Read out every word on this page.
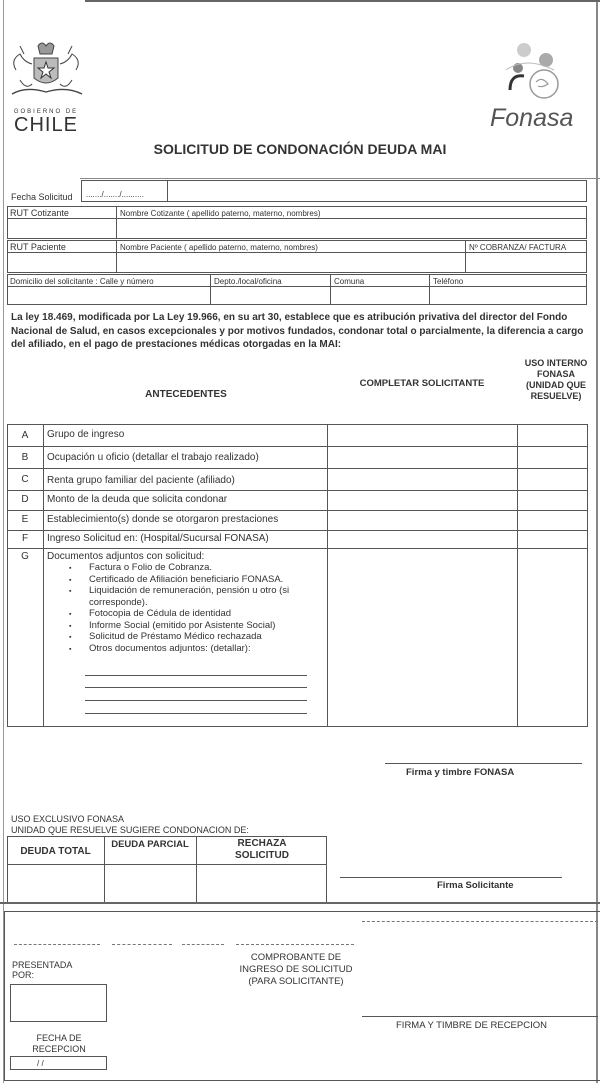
GOBIERNO DE
CHILE	Fonasa
SOLICITUD DE CONDONACIÓN DEUDA MAI
Fecha Solicitud ......./......./..........
RUT Cotizante	Nombre Cotizante ( apellido paterno, materno, nombres)
RUT Paciente	Nombre Paciente ( apellido paterno, materno, nombres)	Nº COBRANZA/ FACTURA
Domicilio del solicitante : Calle y número	Depto./local/oficina	Comuna	Teléfono
La ley 18.469, modificada por La Ley 19.966, en su art 30, establece que es atribución privativa del director del Fondo Nacional de Salud, en casos excepcionales y por motivos fundados, condonar total o parcialmente, la diferencia a cargo del afiliado, en el pago de prestaciones médicas otorgadas en la MAI:
ANTECEDENTES
COMPLETAR SOLICITANTE
USO INTERNO FONASA (UNIDAD QUE RESUELVE)
A	Grupo de ingreso
B	Ocupación u oficio (detallar el trabajo realizado)
C	Renta grupo familiar del paciente (afiliado)
D	Monto de la deuda que solicita condonar
E	Establecimiento(s) donde se otorgaron prestaciones
F	Ingreso Solicitud en: (Hospital/Sucursal FONASA)
G	Documentos adjuntos con solicitud:
▪ Factura o Folio de Cobranza.
▪ Certificado de Afiliación beneficiario FONASA.
▪ Liquidación de remuneración, pensión u otro (si corresponde).
▪ Fotocopia de Cédula de identidad
▪ Informe Social (emitido por Asistente Social)
▪ Solicitud de Préstamo Médico rechazada
▪ Otros documentos adjuntos: (detallar):
Firma y timbre FONASA
USO EXCLUSIVO FONASA
UNIDAD QUE RESUELVE SUGIERE CONDONACION DE:
DEUDA TOTAL
DEUDA PARCIAL	RECHAZA SOLICITUD
Firma Solicitante
PRESENTADA POR:
FECHA DE RECEPCION
/ /
COMPROBANTE DE INGRESO DE SOLICITUD (PARA SOLICITANTE)
FIRMA Y TIMBRE DE RECEPCION
